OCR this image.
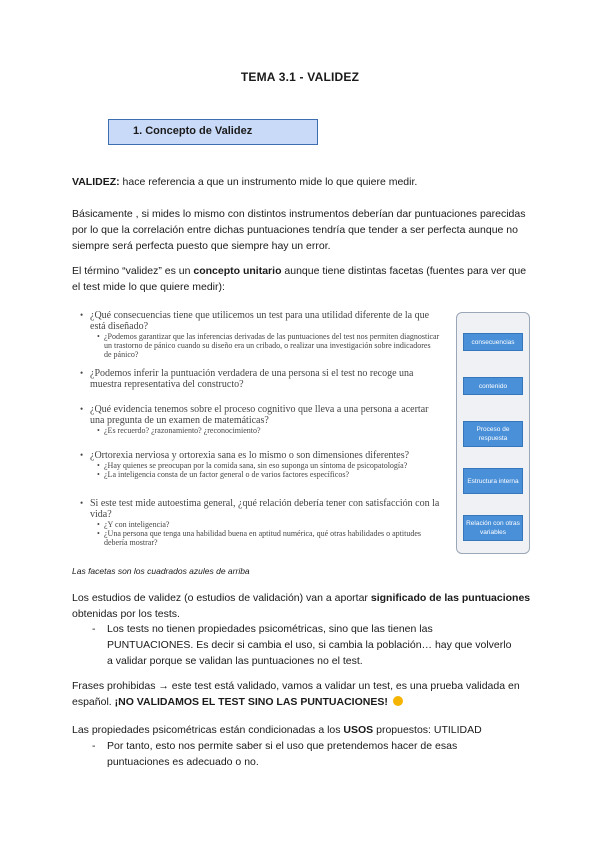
TEMA 3.1 - VALIDEZ
1. Concepto de Validez
VALIDEZ: hace referencia a que un instrumento mide lo que quiere medir.
Básicamente , si mides lo mismo con distintos instrumentos deberían dar puntuaciones parecidas por lo que la correlación entre dichas puntuaciones tendría que tender a ser perfecta aunque no siempre será perfecta puesto que siempre hay un error.
El término “validez” es un concepto unitario aunque tiene distintas facetas (fuentes para ver que el test mide lo que quiere medir):
• ¿Qué consecuencias tiene que utilicemos un test para una utilidad diferente de la que está diseñado?
• ¿Podemos garantizar que las inferencias derivadas de las puntuaciones del test nos permiten diagnosticar un trastorno de pánico cuando su diseño era un cribado, o realizar una investigación sobre indicadores de pánico?
• ¿Podemos inferir la puntuación verdadera de una persona si el test no recoge una muestra representativa del constructo?
• ¿Qué evidencia tenemos sobre el proceso cognitivo que lleva a una persona a acertar una pregunta de un examen de matemáticas?
• ¿Es recuerdo? ¿razonamiento? ¿reconocimiento?
• ¿Ortorexia nerviosa y ortorexia sana es lo mismo o son dimensiones diferentes?
• ¿Hay quienes se preocupan por la comida sana, sin eso suponga un síntoma de psicopatología?
• ¿La inteligencia consta de un factor general o de varios factores específicos?
• Si este test mide autoestima general, ¿qué relación debería tener con satisfacción con la vida?
• ¿Y con inteligencia?
• ¿Una persona que tenga una habilidad buena en aptitud numérica, qué otras habilidades o aptitudes debería mostrar?
consecuencias
contenido
Proceso de respuesta
Estructura interna
Relación con otras variables
Las facetas son los cuadrados azules de arriba
Los estudios de validez (o estudios de validación) van a aportar significado de las puntuaciones obtenidas por los tests.
- Los tests no tienen propiedades psicométricas, sino que las tienen las PUNTUACIONES. Es decir si cambia el uso, si cambia la población… hay que volverlo a validar porque se validan las puntuaciones no el test.
Frases prohibidas → este test está validado, vamos a validar un test, es una prueba validada en español. ¡NO VALIDAMOS EL TEST SINO LAS PUNTUACIONES!
Las propiedades psicométricas están condicionadas a los USOS propuestos: UTILIDAD
- Por tanto, esto nos permite saber si el uso que pretendemos hacer de esas puntuaciones es adecuado o no.
